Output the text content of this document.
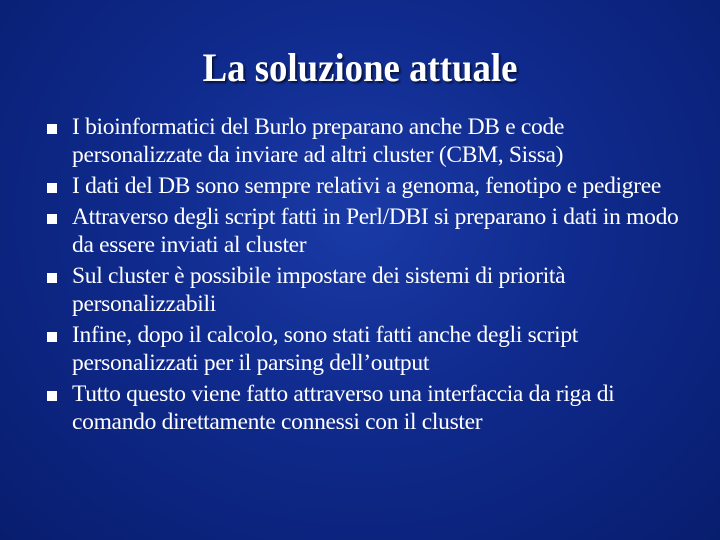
La soluzione attuale
I bioinformatici del Burlo preparano anche DB e code personalizzate da inviare ad altri cluster (CBM, Sissa)
I dati del DB sono sempre relativi a genoma, fenotipo e pedigree
Attraverso degli script fatti in Perl/DBI si preparano i dati in modo da essere inviati al cluster
Sul cluster è possibile impostare dei sistemi di priorità personalizzabili
Infine, dopo il calcolo, sono stati fatti anche degli script personalizzati per il parsing dell’output
Tutto questo viene fatto attraverso una interfaccia da riga di comando direttamente connessi con il cluster
